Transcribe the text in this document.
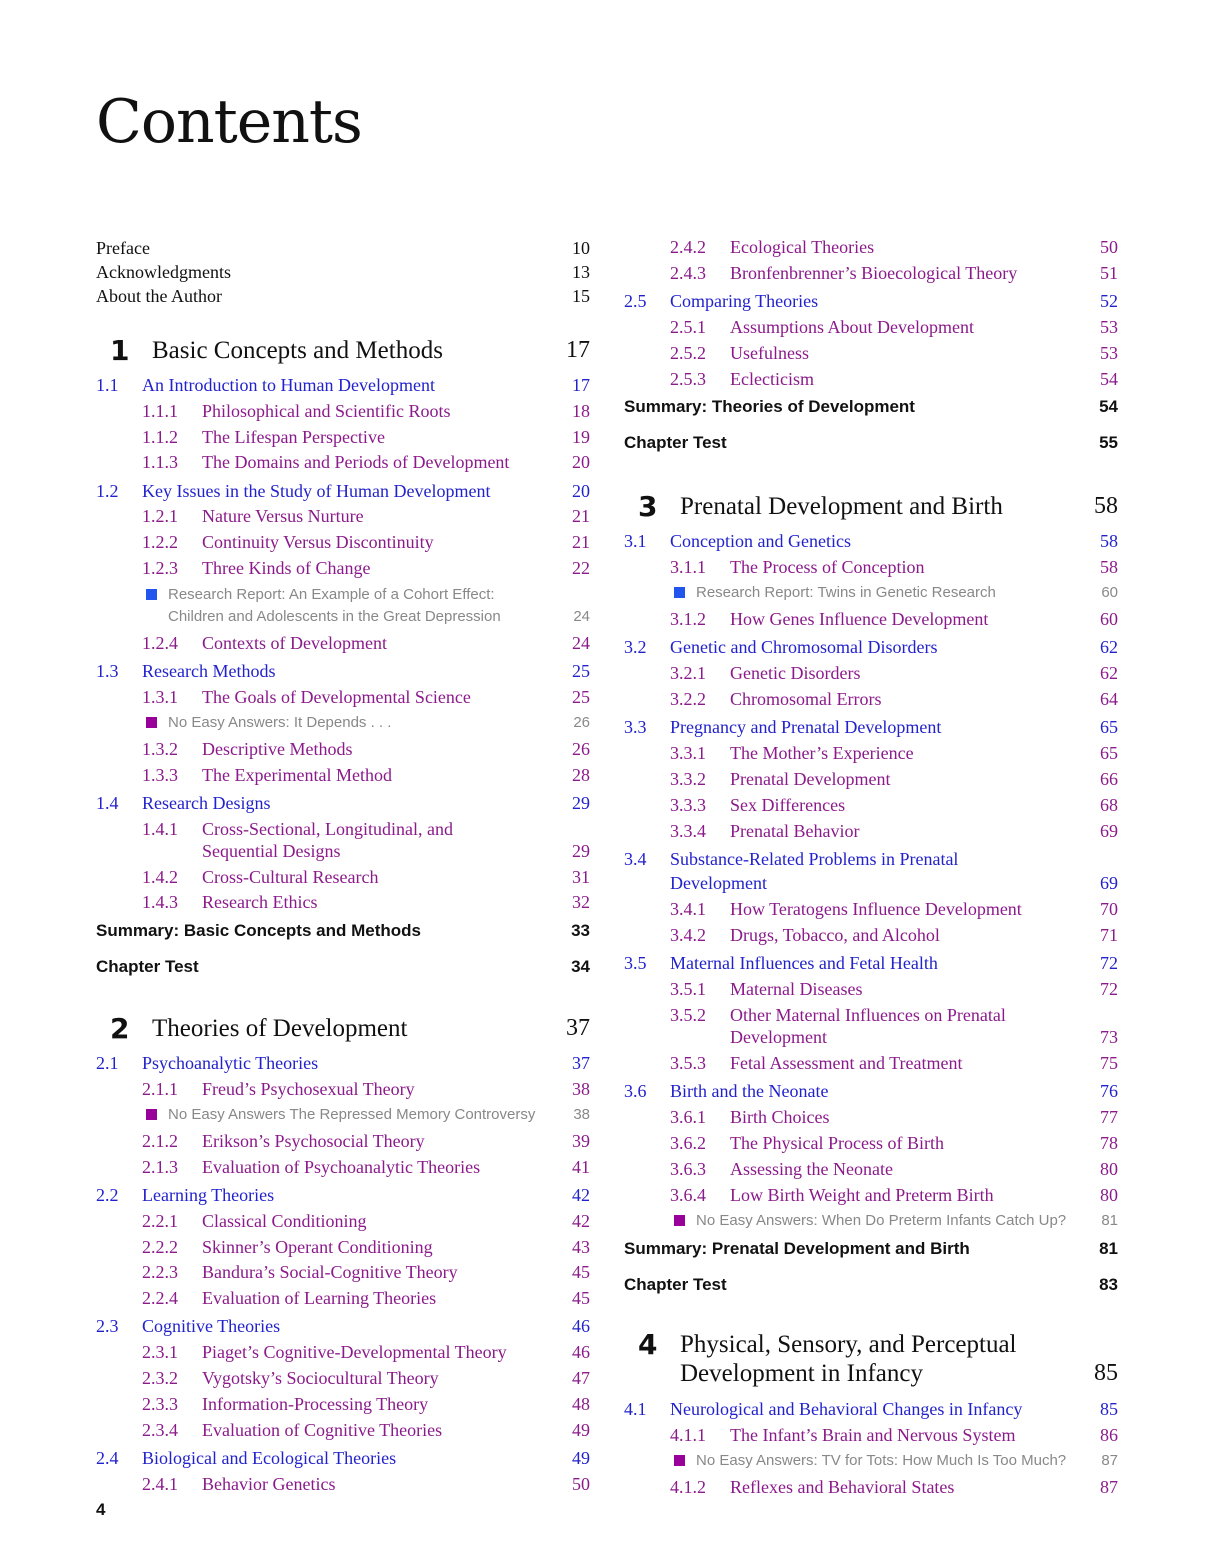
Contents
Preface	10
Acknowledgments	13
About the Author	15
1 Basic Concepts and Methods	17
1.1 An Introduction to Human Development	17
1.1.1 Philosophical and Scientific Roots	18
1.1.2 The Lifespan Perspective	19
1.1.3 The Domains and Periods of Development	20
1.2 Key Issues in the Study of Human Development	20
1.2.1 Nature Versus Nurture	21
1.2.2 Continuity Versus Discontinuity	21
1.2.3 Three Kinds of Change	22
Research Report: An Example of a Cohort Effect:
Children and Adolescents in the Great Depression	24
1.2.4 Contexts of Development	24
1.3 Research Methods	25
1.3.1 The Goals of Developmental Science	25
No Easy Answers: It Depends . . .	26
1.3.2 Descriptive Methods	26
1.3.3 The Experimental Method	28
1.4 Research Designs	29
1.4.1 Cross-Sectional, Longitudinal, and
Sequential Designs	29
1.4.2 Cross-Cultural Research	31
1.4.3 Research Ethics	32
Summary: Basic Concepts and Methods	33
Chapter Test	34
2 Theories of Development	37
2.1 Psychoanalytic Theories	37
2.1.1 Freud’s Psychosexual Theory	38
No Easy Answers The Repressed Memory Controversy	38
2.1.2 Erikson’s Psychosocial Theory	39
2.1.3 Evaluation of Psychoanalytic Theories	41
2.2 Learning Theories	42
2.2.1 Classical Conditioning	42
2.2.2 Skinner’s Operant Conditioning	43
2.2.3 Bandura’s Social-Cognitive Theory	45
2.2.4 Evaluation of Learning Theories	45
2.3 Cognitive Theories	46
2.3.1 Piaget’s Cognitive-Developmental Theory	46
2.3.2 Vygotsky’s Sociocultural Theory	47
2.3.3 Information-Processing Theory	48
2.3.4 Evaluation of Cognitive Theories	49
2.4 Biological and Ecological Theories	49
2.4.1 Behavior Genetics	50
2.4.2 Ecological Theories	50
2.4.3 Bronfenbrenner’s Bioecological Theory	51
2.5 Comparing Theories	52
2.5.1 Assumptions About Development	53
2.5.2 Usefulness	53
2.5.3 Eclecticism	54
Summary: Theories of Development	54
Chapter Test	55
3 Prenatal Development and Birth	58
3.1 Conception and Genetics	58
3.1.1 The Process of Conception	58
Research Report: Twins in Genetic Research	60
3.1.2 How Genes Influence Development	60
3.2 Genetic and Chromosomal Disorders	62
3.2.1 Genetic Disorders	62
3.2.2 Chromosomal Errors	64
3.3 Pregnancy and Prenatal Development	65
3.3.1 The Mother’s Experience	65
3.3.2 Prenatal Development	66
3.3.3 Sex Differences	68
3.3.4 Prenatal Behavior	69
3.4 Substance-Related Problems in Prenatal
Development	69
3.4.1 How Teratogens Influence Development	70
3.4.2 Drugs, Tobacco, and Alcohol	71
3.5 Maternal Influences and Fetal Health	72
3.5.1 Maternal Diseases	72
3.5.2 Other Maternal Influences on Prenatal
Development	73
3.5.3 Fetal Assessment and Treatment	75
3.6 Birth and the Neonate	76
3.6.1 Birth Choices	77
3.6.2 The Physical Process of Birth	78
3.6.3 Assessing the Neonate	80
3.6.4 Low Birth Weight and Preterm Birth	80
No Easy Answers: When Do Preterm Infants Catch Up? 81
Summary: Prenatal Development and Birth	81
Chapter Test	83
4 Physical, Sensory, and Perceptual
Development in Infancy	85
4.1 Neurological and Behavioral Changes in Infancy	85
4.1.1 The Infant’s Brain and Nervous System	86
No Easy Answers: TV for Tots: How Much Is Too Much? 87
4.1.2 Reflexes and Behavioral States	87
4
